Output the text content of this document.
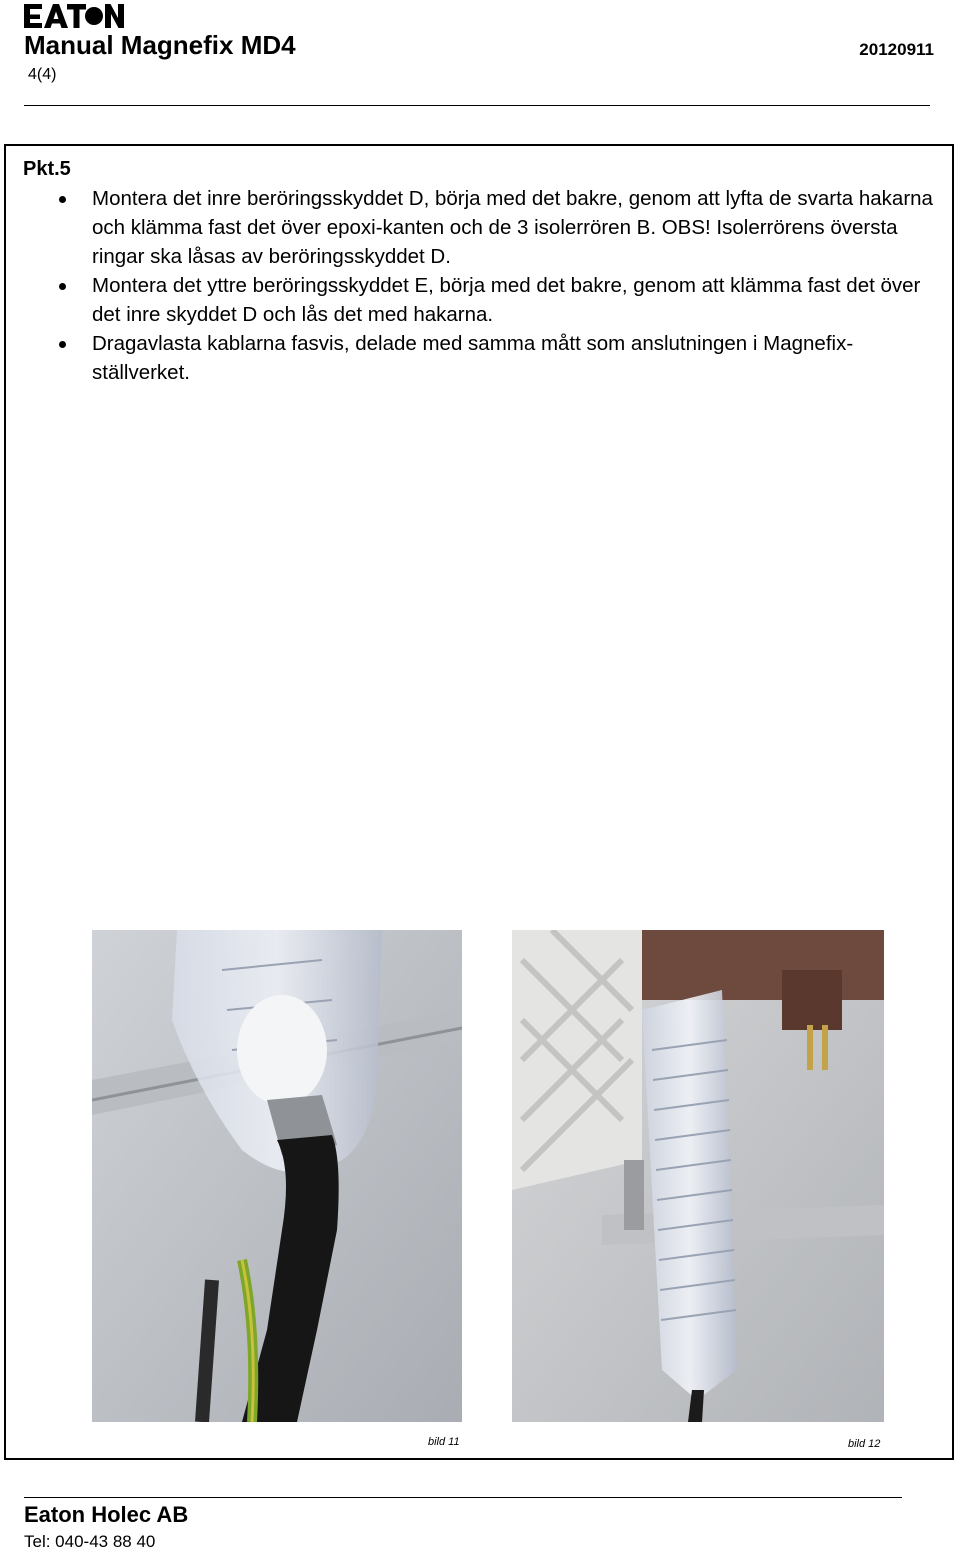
Manual Magnefix MD4	20120911
4(4)
Pkt.5
Montera det inre beröringsskyddet D, börja med det bakre, genom att lyfta de svarta hakarna och klämma fast det över epoxi-kanten och de 3 isolerrören B. OBS! Isolerrörens översta ringar ska låsas av beröringsskyddet D.
Montera det yttre beröringsskyddet E, börja med det bakre, genom att klämma fast det över det inre skyddet D och lås det med hakarna.
Dragavlasta kablarna fasvis, delade med samma mått som anslutningen i Magnefix-ställverket.
bild 11	bild 12
Eaton Holec AB
Tel: 040-43 88 40
